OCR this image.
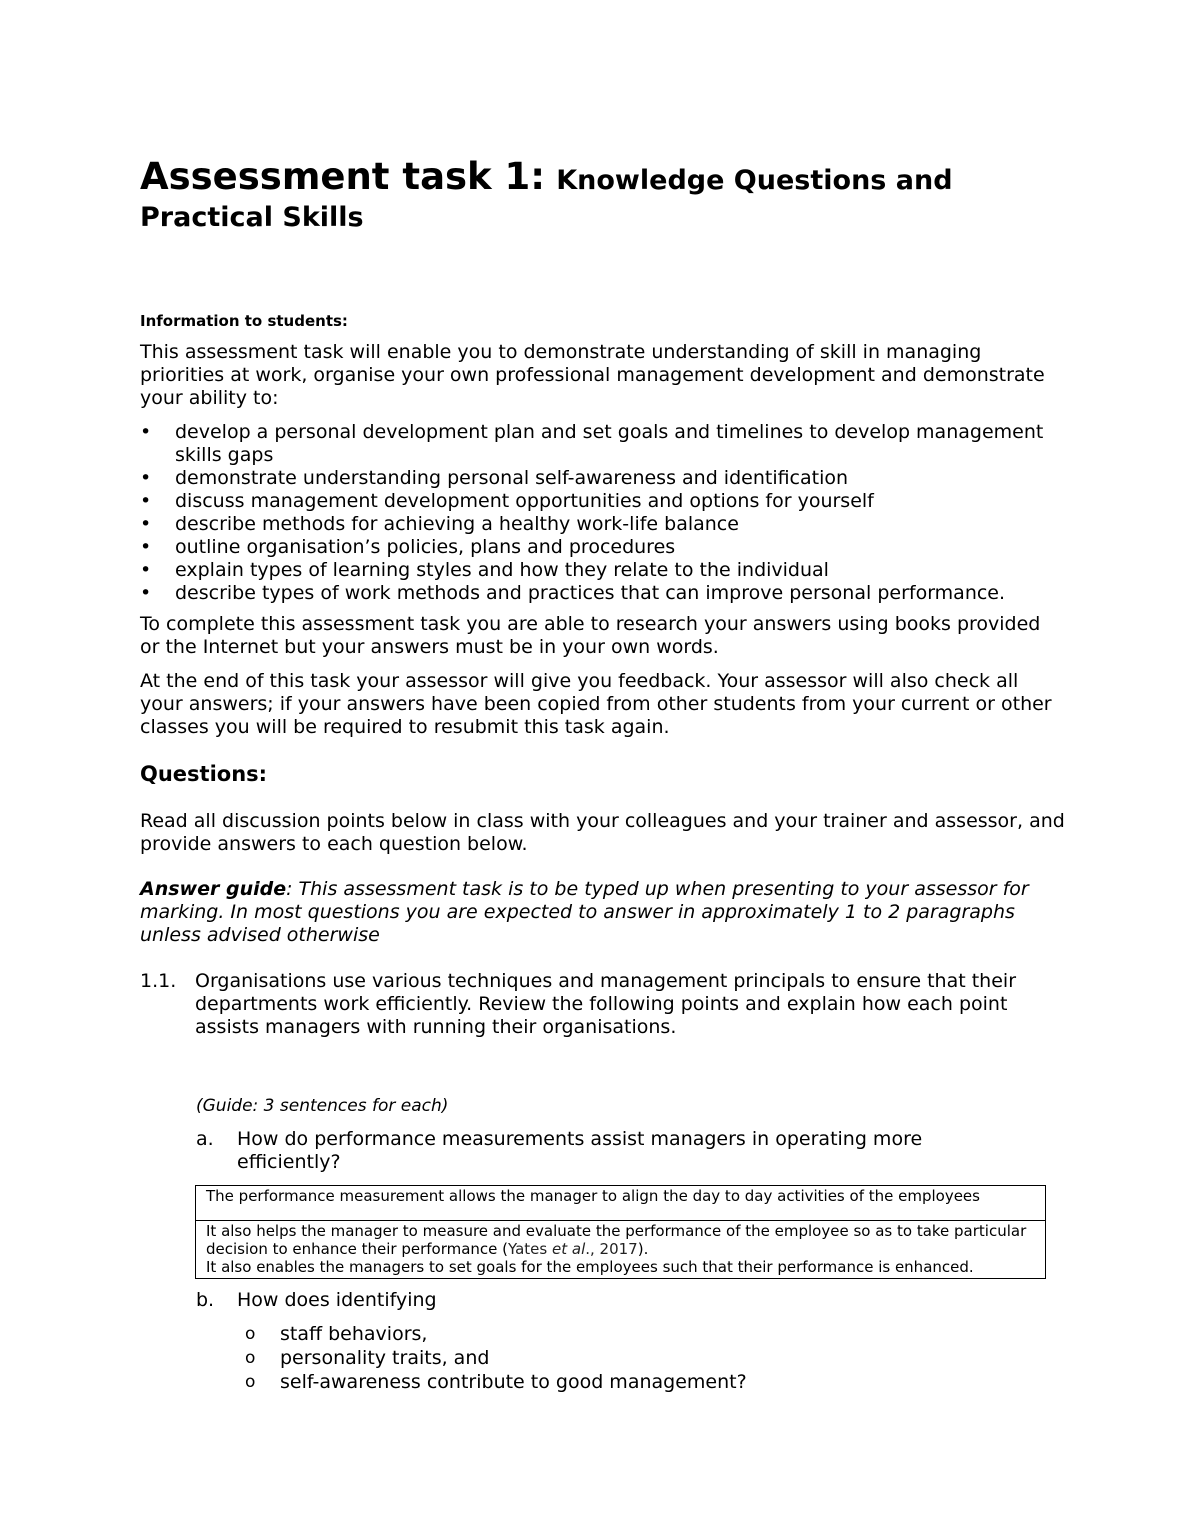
Assessment task 1: Knowledge Questions and Practical Skills

Information to students:

This assessment task will enable you to demonstrate understanding of skill in managing priorities at work, organise your own professional management development and demonstrate your ability to:

• develop a personal development plan and set goals and timelines to develop management skills gaps
• demonstrate understanding personal self-awareness and identification
• discuss management development opportunities and options for yourself
• describe methods for achieving a healthy work-life balance
• outline organisation’s policies, plans and procedures
• explain types of learning styles and how they relate to the individual
• describe types of work methods and practices that can improve personal performance.

To complete this assessment task you are able to research your answers using books provided or the Internet but your answers must be in your own words.

At the end of this task your assessor will give you feedback. Your assessor will also check all your answers; if your answers have been copied from other students from your current or other classes you will be required to resubmit this task again.

Questions:

Read all discussion points below in class with your colleagues and your trainer and assessor, and provide answers to each question below.

Answer guide: This assessment task is to be typed up when presenting to your assessor for marking. In most questions you are expected to answer in approximately 1 to 2 paragraphs unless advised otherwise

1.1. Organisations use various techniques and management principals to ensure that their departments work efficiently. Review the following points and explain how each point assists managers with running their organisations.

(Guide: 3 sentences for each)

a. How do performance measurements assist managers in operating more efficiently?
The performance measurement allows the manager to align the day to day activities of the employees
It also helps the manager to measure and evaluate the performance of the employee so as to take particular decision to enhance their performance (Yates et al., 2017).
It also enables the managers to set goals for the employees such that their performance is enhanced.
b. How does identifying
o staff behaviors,
o personality traits, and
o self-awareness contribute to good management?
